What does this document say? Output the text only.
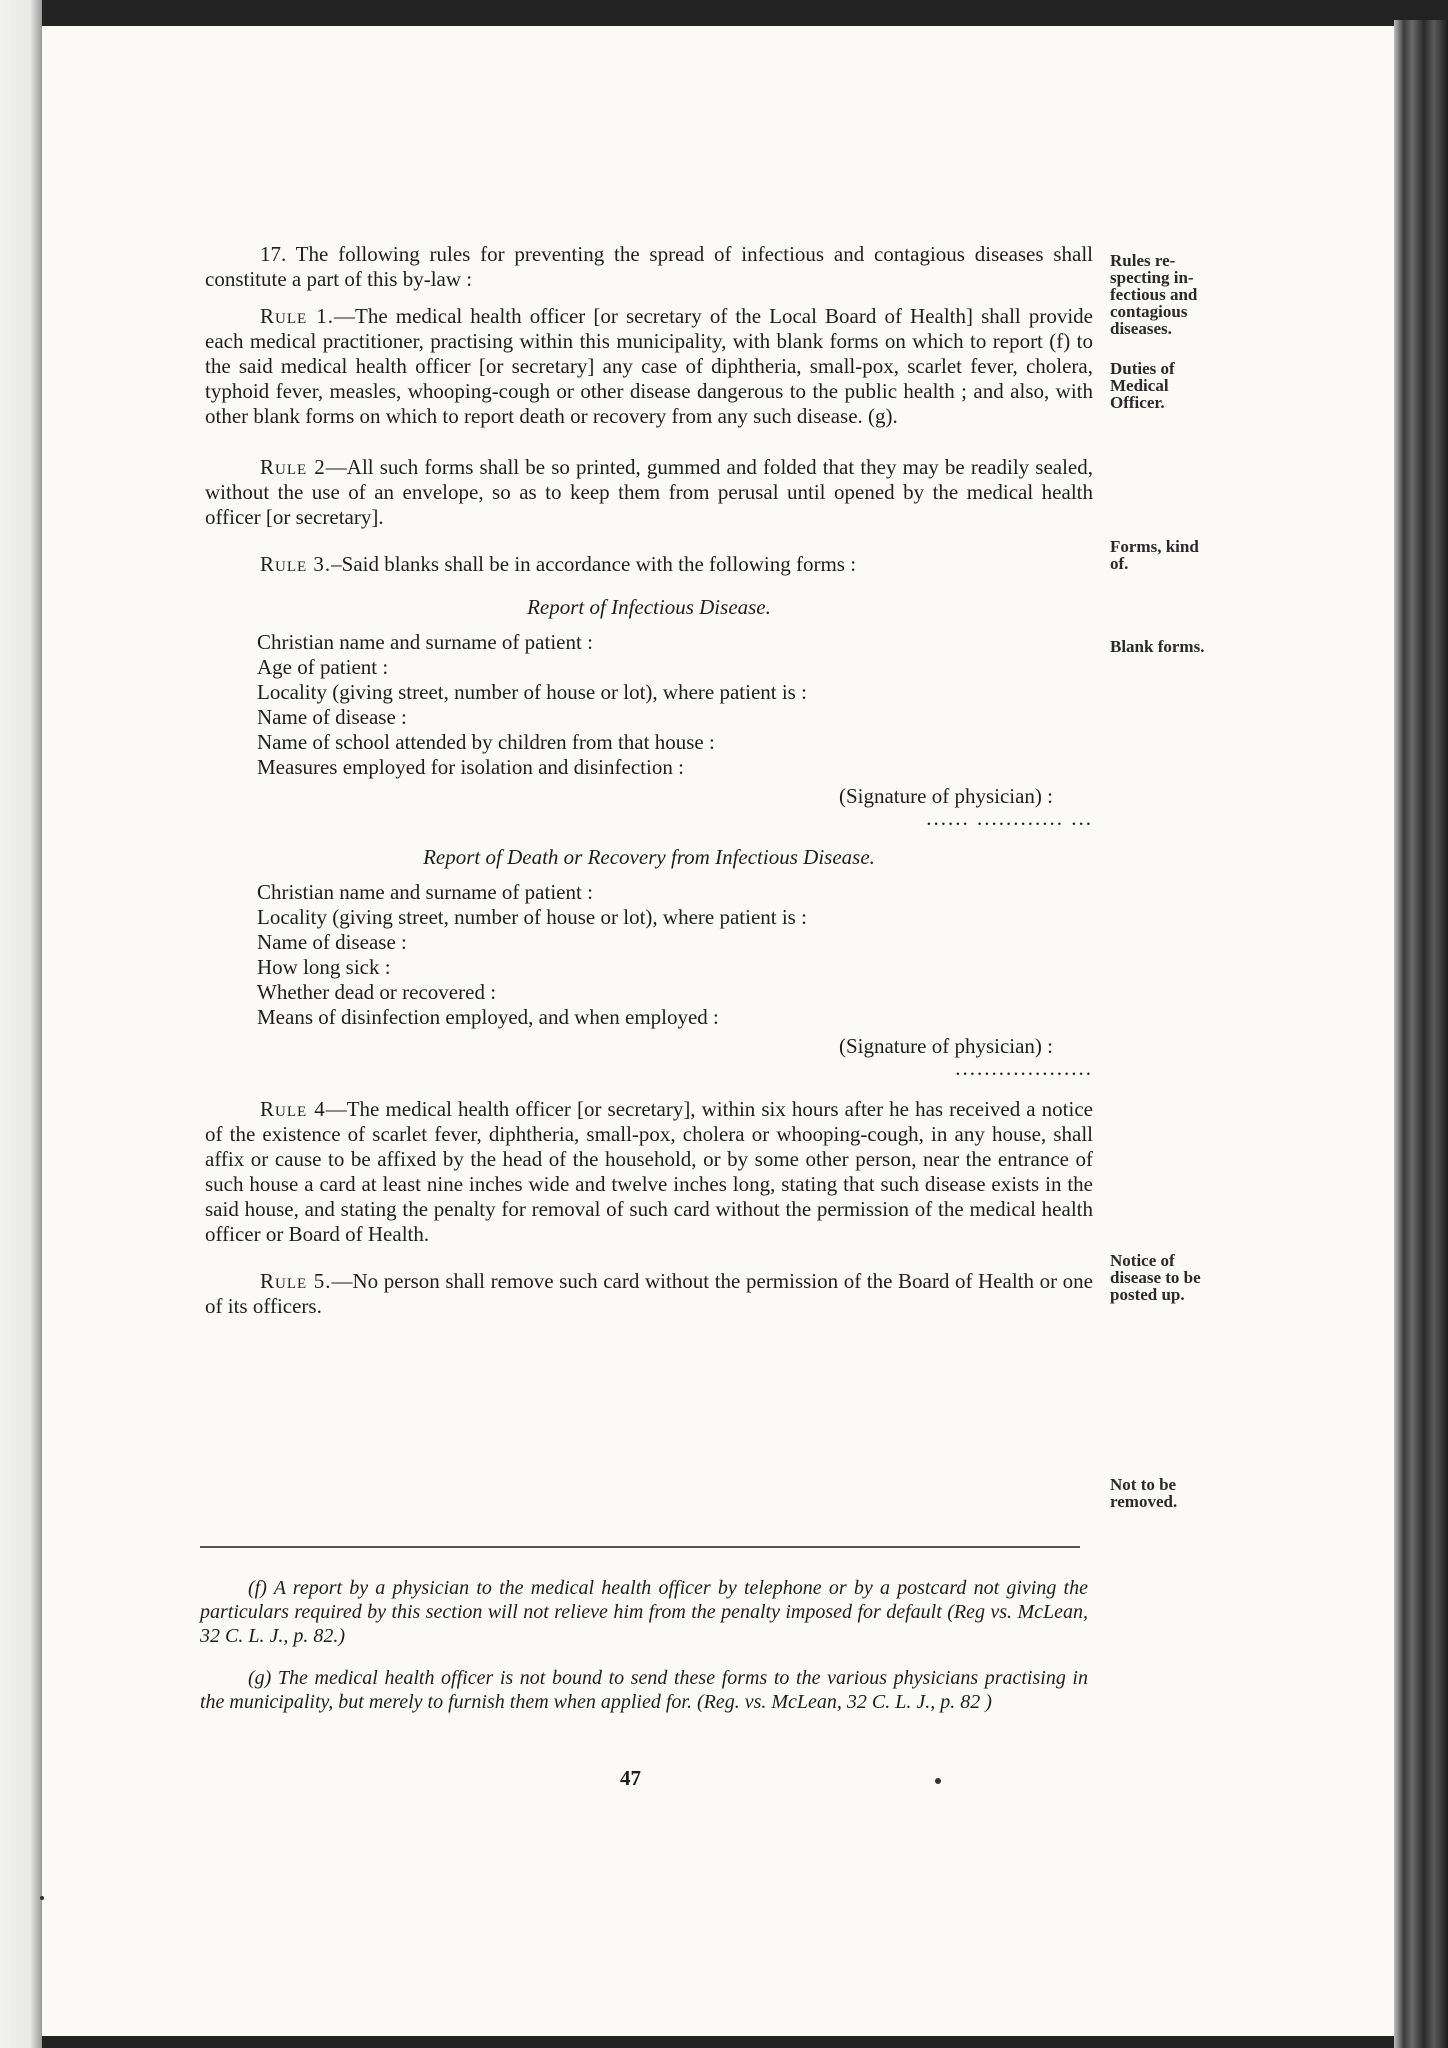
17. The following rules for preventing the spread of infectious and contagious diseases shall constitute a part of this by-law :

Rule 1.—The medical health officer [or secretary of the Local Board of Health] shall provide each medical practitioner, practising within this municipality, with blank forms on which to report (f) to the said medical health officer [or secretary] any case of diphtheria, small-pox, scarlet fever, cholera, typhoid fever, measles, whooping-cough or other disease dangerous to the public health ; and also, with other blank forms on which to report death or recovery from any such disease. (g).

Rule 2—All such forms shall be so printed, gummed and folded that they may be readily sealed, without the use of an envelope, so as to keep them from perusal until opened by the medical health officer [or secretary].

Rule 3.–Said blanks shall be in accordance with the following forms :

Report of Infectious Disease.

Christian name and surname of patient :

Age of patient :

Locality (giving street, number of house or lot), where patient is :

Name of disease :

Name of school attended by children from that house :

Measures employed for isolation and disinfection :

(Signature of physician) :

...... ............ ...

Report of Death or Recovery from Infectious Disease.

Christian name and surname of patient :

Locality (giving street, number of house or lot), where patient is :

Name of disease :

How long sick :

Whether dead or recovered :

Means of disinfection employed, and when employed :

(Signature of physician) :

...................

Rule 4—The medical health officer [or secretary], within six hours after he has received a notice of the existence of scarlet fever, diphtheria, small-pox, cholera or whooping-cough, in any house, shall affix or cause to be affixed by the head of the household, or by some other person, near the entrance of such house a card at least nine inches wide and twelve inches long, stating that such disease exists in the said house, and stating the penalty for removal of such card without the permission of the medical health officer or Board of Health.

Rule 5.—No person shall remove such card without the permission of the Board of Health or one of its officers.

Rules re-
specting in-
fectious and
contagious
diseases.

Duties of
Medical
Officer.

Forms, kind
of.

Blank forms.

Notice of
disease to be
posted up.

Not to be
removed.

(f) A report by a physician to the medical health officer by telephone or by a postcard not giving the particulars required by this section will not relieve him from the penalty imposed for default (Reg vs. McLean, 32 C. L. J., p. 82.)

(g) The medical health officer is not bound to send these forms to the various physicians practising in the municipality, but merely to furnish them when applied for. (Reg. vs. McLean, 32 C. L. J., p. 82 )

47
